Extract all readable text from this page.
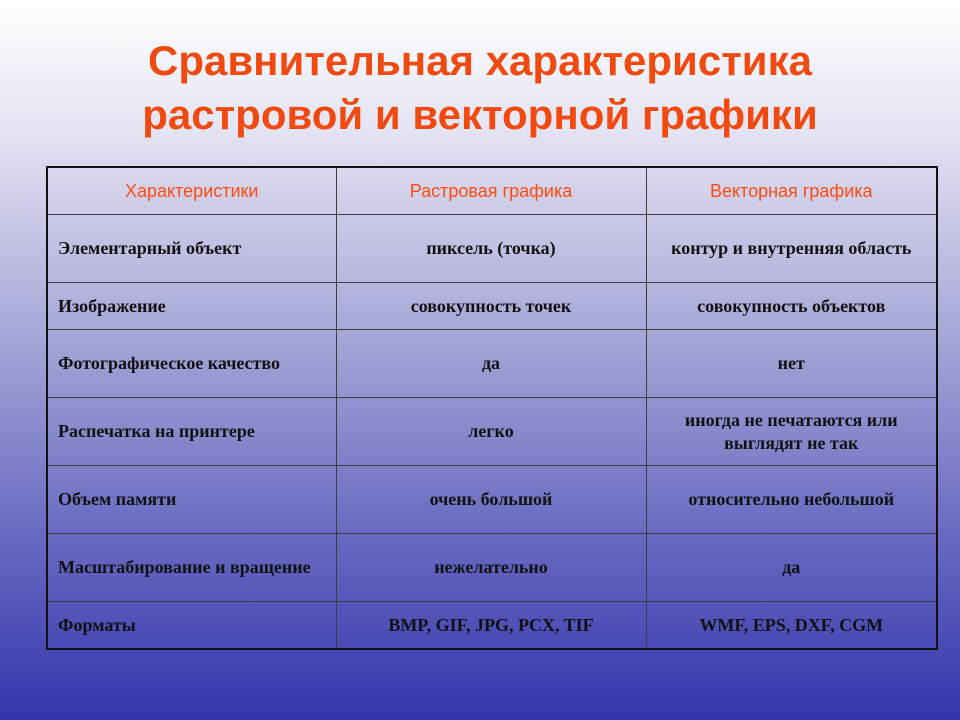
Сравнительная характеристика
растровой и векторной графики
Характеристики	Растровая графика	Векторная графика
Элементарный объект	пиксель (точка)	контур и внутренняя область
Изображение	совокупность точек	совокупность объектов
Фотографическое качество	да	нет
Распечатка на принтере	легко	иногда не печатаются или выглядят не так
Объем памяти	очень большой	относительно небольшой
Масштабирование и вращение	нежелательно	да
Форматы	BMP, GIF, JPG, PCX, TIF	WMF, EPS, DXF, CGM
